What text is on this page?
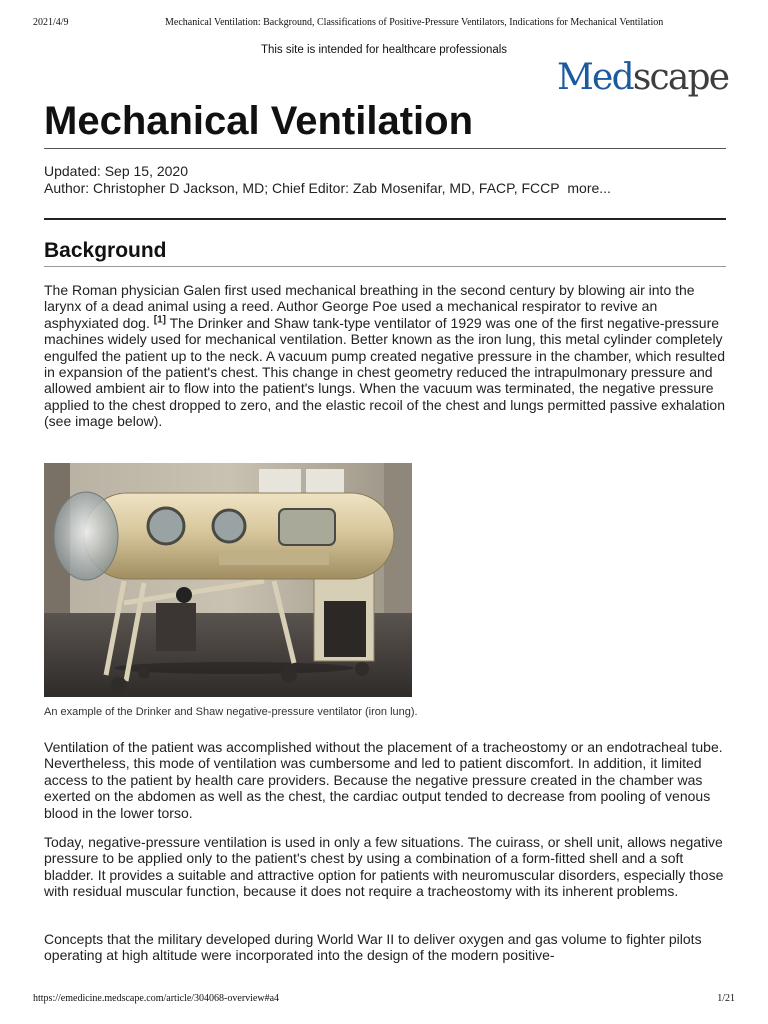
2021/4/9	Mechanical Ventilation: Background, Classifications of Positive-Pressure Ventilators, Indications for Mechanical Ventilation
This site is intended for healthcare professionals
Medscape
Mechanical Ventilation
Updated: Sep 15, 2020
Author: Christopher D Jackson, MD; Chief Editor: Zab Mosenifar, MD, FACP, FCCP more...
Background

The Roman physician Galen first used mechanical breathing in the second century by blowing air into the larynx of a dead animal using a reed. Author George Poe used a mechanical respirator to revive an asphyxiated dog. [1] The Drinker and Shaw tank-type ventilator of 1929 was one of the first negative-pressure machines widely used for mechanical ventilation. Better known as the iron lung, this metal cylinder completely engulfed the patient up to the neck. A vacuum pump created negative pressure in the chamber, which resulted in expansion of the patient's chest. This change in chest geometry reduced the intrapulmonary pressure and allowed ambient air to flow into the patient's lungs. When the vacuum was terminated, the negative pressure applied to the chest dropped to zero, and the elastic recoil of the chest and lungs permitted passive exhalation (see image below).

An example of the Drinker and Shaw negative-pressure ventilator (iron lung).

Ventilation of the patient was accomplished without the placement of a tracheostomy or an endotracheal tube. Nevertheless, this mode of ventilation was cumbersome and led to patient discomfort. In addition, it limited access to the patient by health care providers. Because the negative pressure created in the chamber was exerted on the abdomen as well as the chest, the cardiac output tended to decrease from pooling of venous blood in the lower torso.

Today, negative-pressure ventilation is used in only a few situations. The cuirass, or shell unit, allows negative pressure to be applied only to the patient's chest by using a combination of a form-fitted shell and a soft bladder. It provides a suitable and attractive option for patients with neuromuscular disorders, especially those with residual muscular function, because it does not require a tracheostomy with its inherent problems.

Concepts that the military developed during World War II to deliver oxygen and gas volume to fighter pilots operating at high altitude were incorporated into the design of the modern positive-

https://emedicine.medscape.com/article/304068-overview#a4	1/21
